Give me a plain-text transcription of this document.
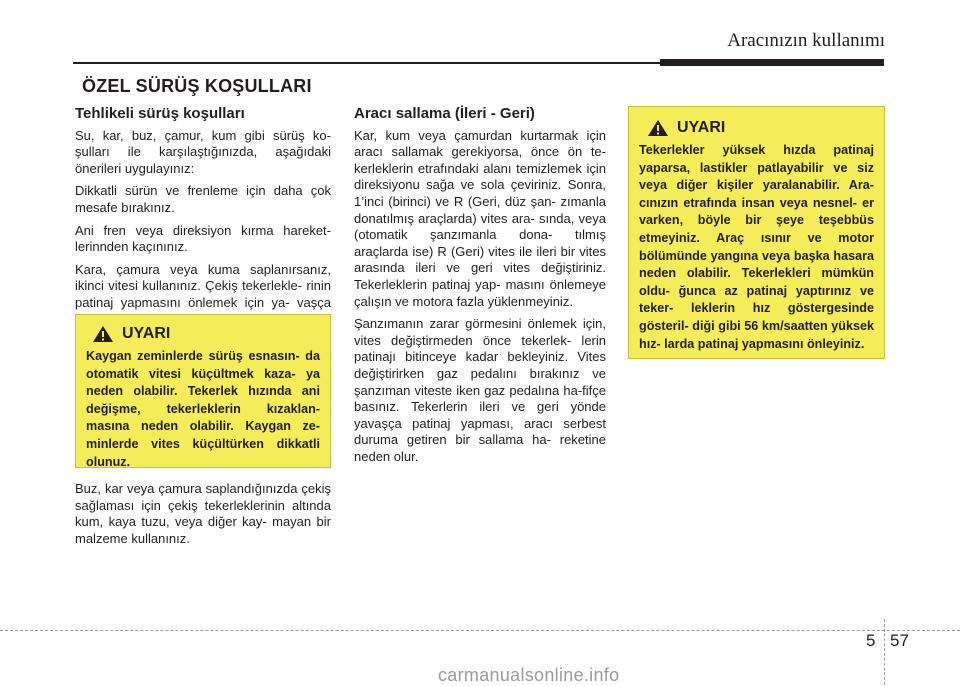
Aracınızın kullanımı
ÖZEL SÜRÜŞ KOŞULLARI
Tehlikeli sürüş koşulları

Su, kar, buz, çamur, kum gibi sürüş ko- şulları ile karşılaştığınızda, aşağıdaki önerileri uygulayınız:

Dikkatli sürün ve frenleme için daha çok mesafe bırakınız.

Ani fren veya direksiyon kırma hareket- lerinnden kaçınınız.

Kara, çamura veya kuma saplanırsanız, ikinci vitesi kullanınız. Çekiş tekerlekle- rinin patinaj yapmasını önlemek için ya- vaşça

UYARI
Kaygan zeminlerde sürüş esnasın- da otomatik vitesi küçültmek kaza- ya neden olabilir. Tekerlek hızında ani değişme, tekerleklerin kızaklan- masına neden olabilir. Kaygan ze- minlerde vites küçültürken dikkatli olunuz.

Buz, kar veya çamura saplandığınızda çekiş sağlaması için çekiş tekerleklerinin altında kum, kaya tuzu, veya diğer kay- mayan bir malzeme kullanınız.

Aracı sallama (İleri - Geri)

Kar, kum veya çamurdan kurtarmak için aracı sallamak gerekiyorsa, önce ön te- kerleklerin etrafındaki alanı temizlemek için direksiyonu sağa ve sola çeviriniz. Sonra, 1’inci (birinci) ve R (Geri, düz şan- zımanla donatılmış araçlarda) vites ara- sında, veya (otomatik şanzımanla dona- tılmış araçlarda ise) R (Geri) vites ile ileri bir vites arasında ileri ve geri vites değiştiriniz. Tekerleklerin patinaj yap- masını önlemeye çalışın ve motora fazla yüklenmeyiniz.

Şanzımanın zarar görmesini önlemek için, vites değiştirmeden önce tekerlek- lerin patinajı bitinceye kadar bekleyiniz. Vites değiştirirken gaz pedalını bırakınız ve şanzıman viteste iken gaz pedalına ha-fifçe basınız. Tekerlerin ileri ve geri yönde yavaşça patinaj yapması, aracı serbest duruma getiren bir sallama ha- reketine neden olur.

UYARI
Tekerlekler yüksek hızda patinaj yaparsa, lastikler patlayabilir ve siz veya diğer kişiler yaralanabilir. Ara- cınızın etrafında insan veya nesnel- er varken, böyle bir şeye teşebbüs etmeyiniz. Araç ısınır ve motor bölümünde yangına veya başka hasara neden olabilir. Tekerlekleri mümkün oldu- ğunca az patinaj yaptırınız ve teker- leklerin hız göstergesinde gösteril- diği gibi 56 km/saatten yüksek hız- larda patinaj yapmasını önleyiniz.
5 57
carmanualsonline.info
